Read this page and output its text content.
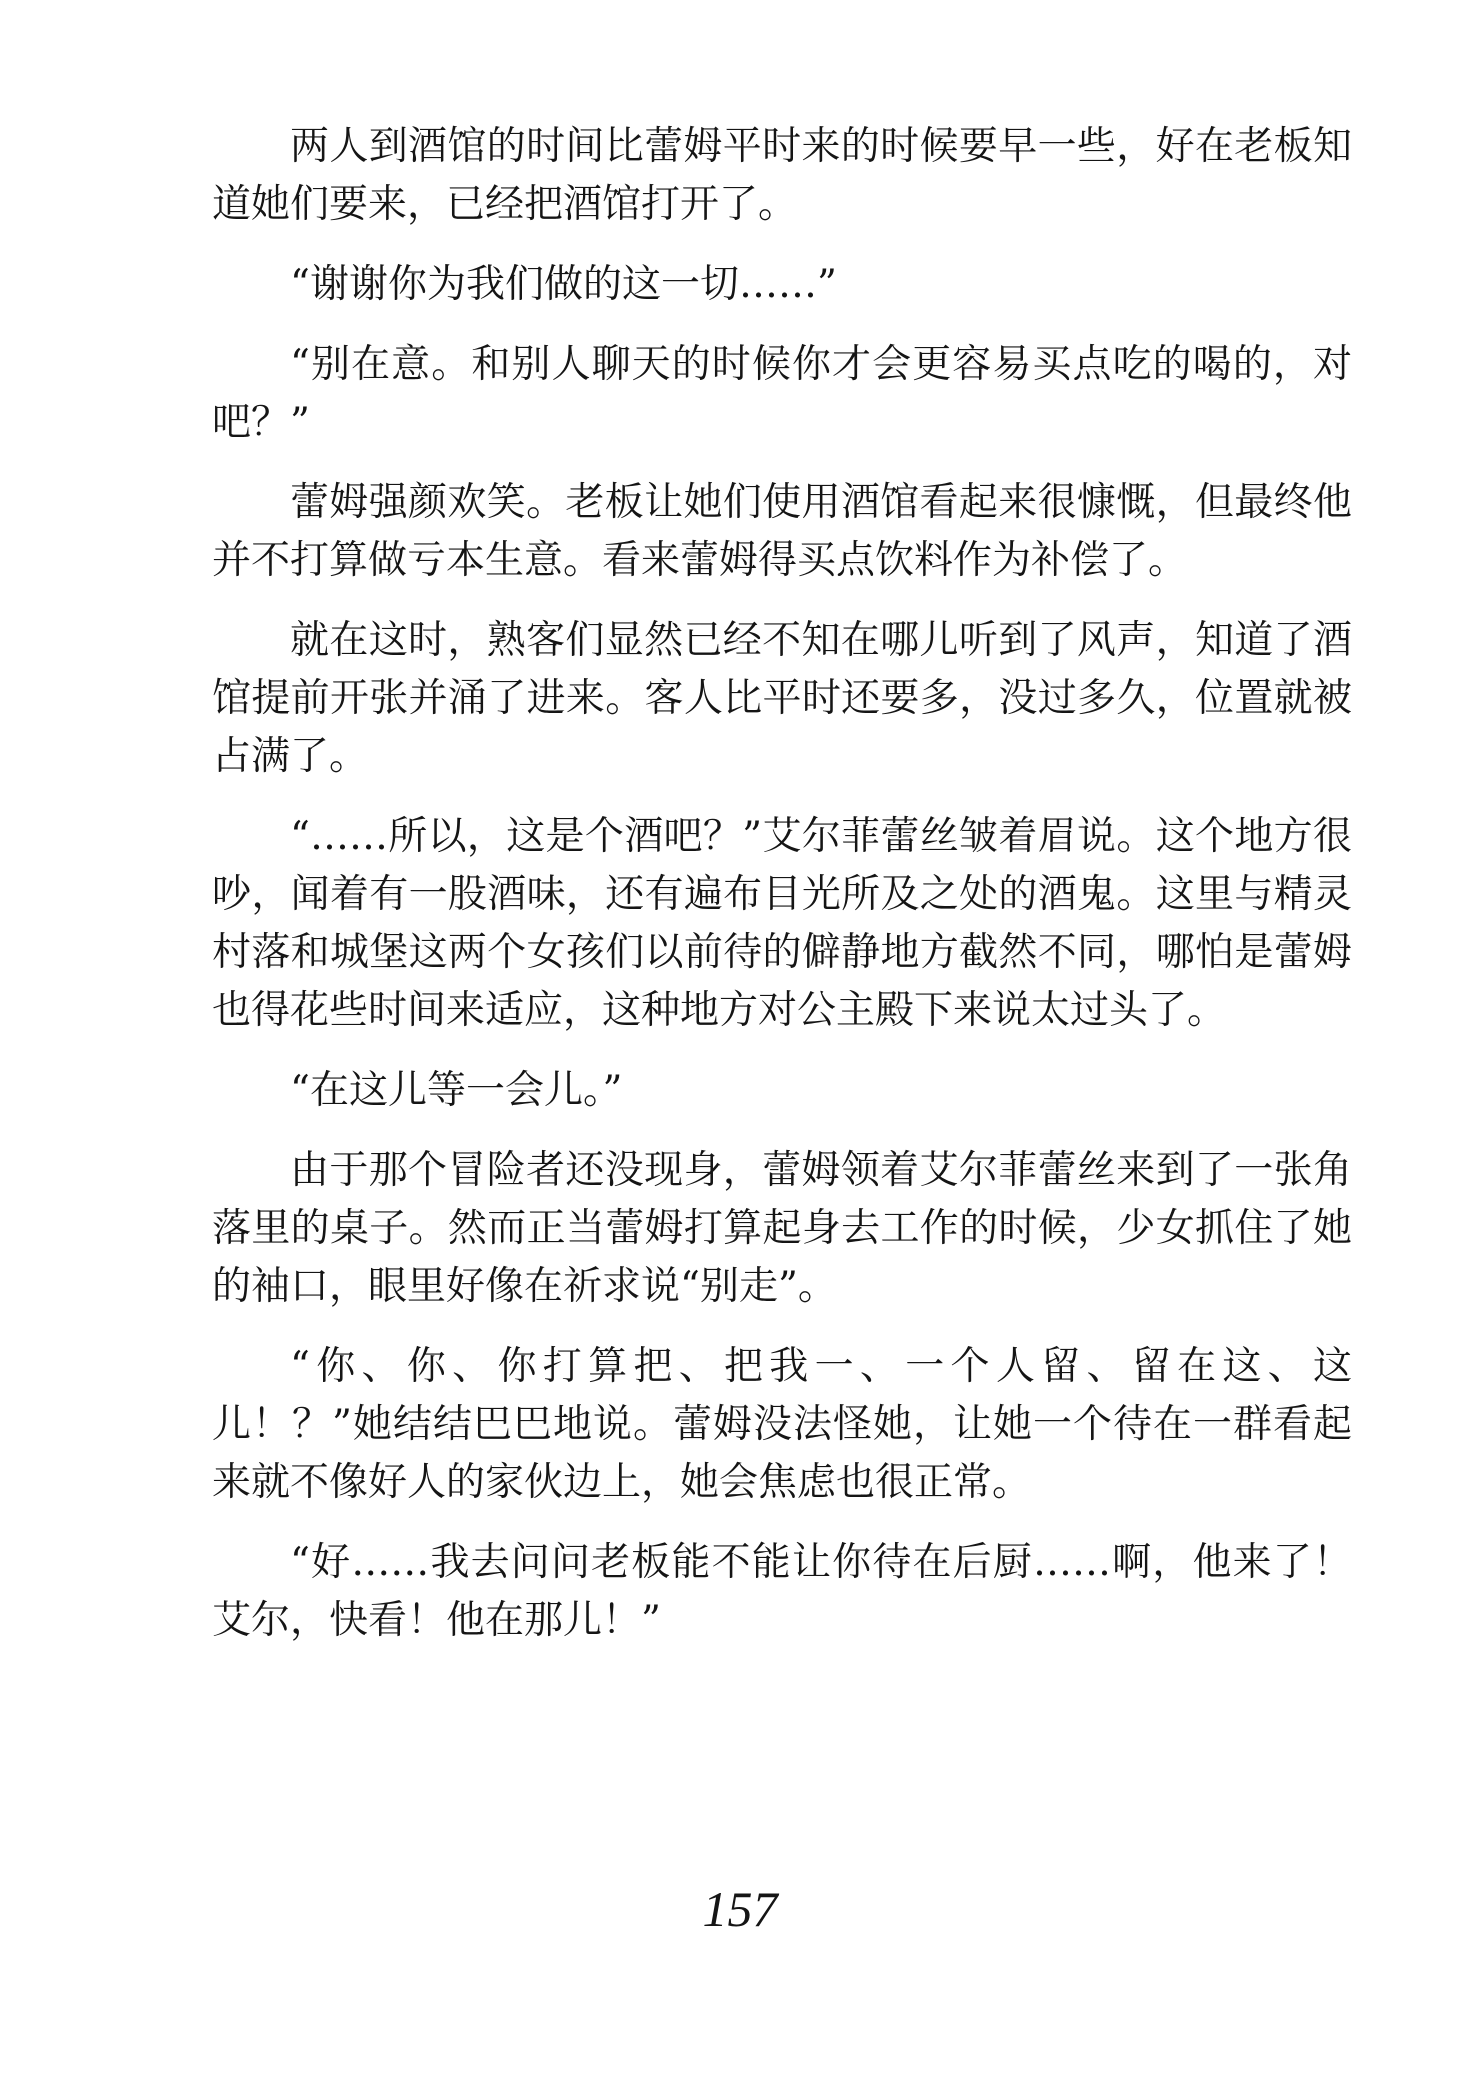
两人到酒馆的时间比蕾姆平时来的时候要早一些，好在老板知道她们要来，已经把酒馆打开了。

“谢谢你为我们做的这一切……”

“别在意。和别人聊天的时候你才会更容易买点吃的喝的，对吧？”

蕾姆强颜欢笑。老板让她们使用酒馆看起来很慷慨，但最终他并不打算做亏本生意。看来蕾姆得买点饮料作为补偿了。

就在这时，熟客们显然已经不知在哪儿听到了风声，知道了酒馆提前开张并涌了进来。客人比平时还要多，没过多久，位置就被占满了。

“……所以，这是个酒吧？”艾尔菲蕾丝皱着眉说。这个地方很吵，闻着有一股酒味，还有遍布目光所及之处的酒鬼。这里与精灵村落和城堡这两个女孩们以前待的僻静地方截然不同，哪怕是蕾姆也得花些时间来适应，这种地方对公主殿下来说太过头了。

“在这儿等一会儿。”

由于那个冒险者还没现身，蕾姆领着艾尔菲蕾丝来到了一张角落里的桌子。然而正当蕾姆打算起身去工作的时候，少女抓住了她的袖口，眼里好像在祈求说“别走”。

“你、你、你打算把、把我一、一个人留、留在这、这儿！？”她结结巴巴地说。蕾姆没法怪她，让她一个待在一群看起来就不像好人的家伙边上，她会焦虑也很正常。

“好……我去问问老板能不能让你待在后厨……啊，他来了！艾尔，快看！他在那儿！”

157
